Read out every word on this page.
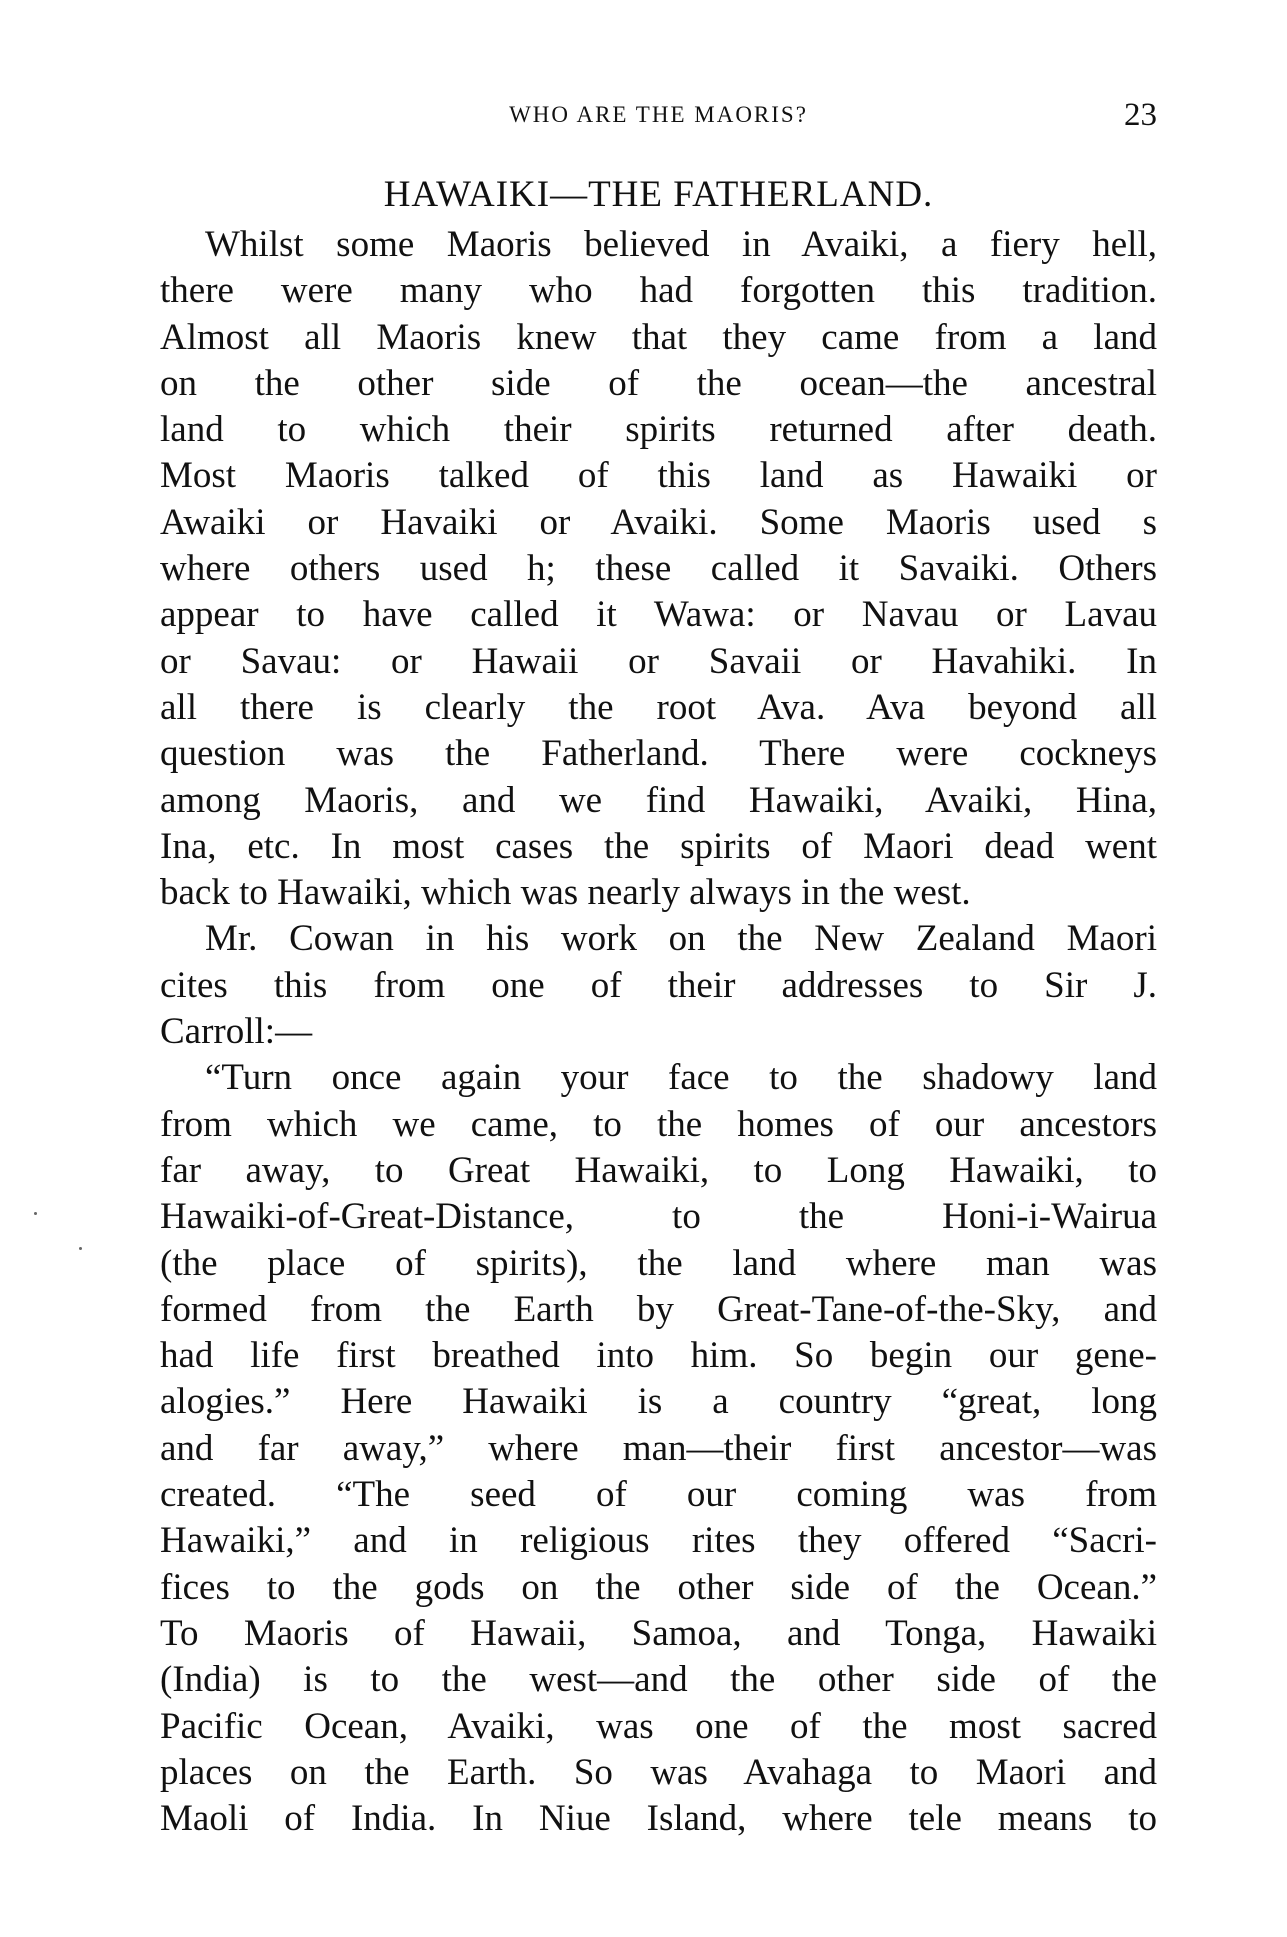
WHO ARE THE MAORIS?	23
HAWAIKI—THE FATHERLAND.
Whilst some Maoris believed in Avaiki, a fiery hell,
there were many who had forgotten this tradition.
Almost all Maoris knew that they came from a land
on the other side of the ocean—the ancestral
land to which their spirits returned after death.
Most Maoris talked of this land as Hawaiki or
Awaiki or Havaiki or Avaiki. Some Maoris used s
where others used h; these called it Savaiki. Others
appear to have called it Wawa: or Navau or Lavau
or Savau: or Hawaii or Savaii or Havahiki. In
all there is clearly the root Ava. Ava beyond all
question was the Fatherland. There were cockneys
among Maoris, and we find Hawaiki, Avaiki, Hina,
Ina, etc. In most cases the spirits of Maori dead went
back to Hawaiki, which was nearly always in the west.
Mr. Cowan in his work on the New Zealand Maori
cites this from one of their addresses to Sir J.
Carroll:—
“Turn once again your face to the shadowy land
from which we came, to the homes of our ancestors
far away, to Great Hawaiki, to Long Hawaiki, to
Hawaiki-of-Great-Distance, to the Honi-i-Wairua
(the place of spirits), the land where man was
formed from the Earth by Great-Tane-of-the-Sky, and
had life first breathed into him. So begin our gene-
alogies.” Here Hawaiki is a country “great, long
and far away,” where man—their first ancestor—was
created. “The seed of our coming was from
Hawaiki,” and in religious rites they offered “Sacri-
fices to the gods on the other side of the Ocean.”
To Maoris of Hawaii, Samoa, and Tonga, Hawaiki
(India) is to the west—and the other side of the
Pacific Ocean, Avaiki, was one of the most sacred
places on the Earth. So was Avahaga to Maori and
Maoli of India. In Niue Island, where tele means to
